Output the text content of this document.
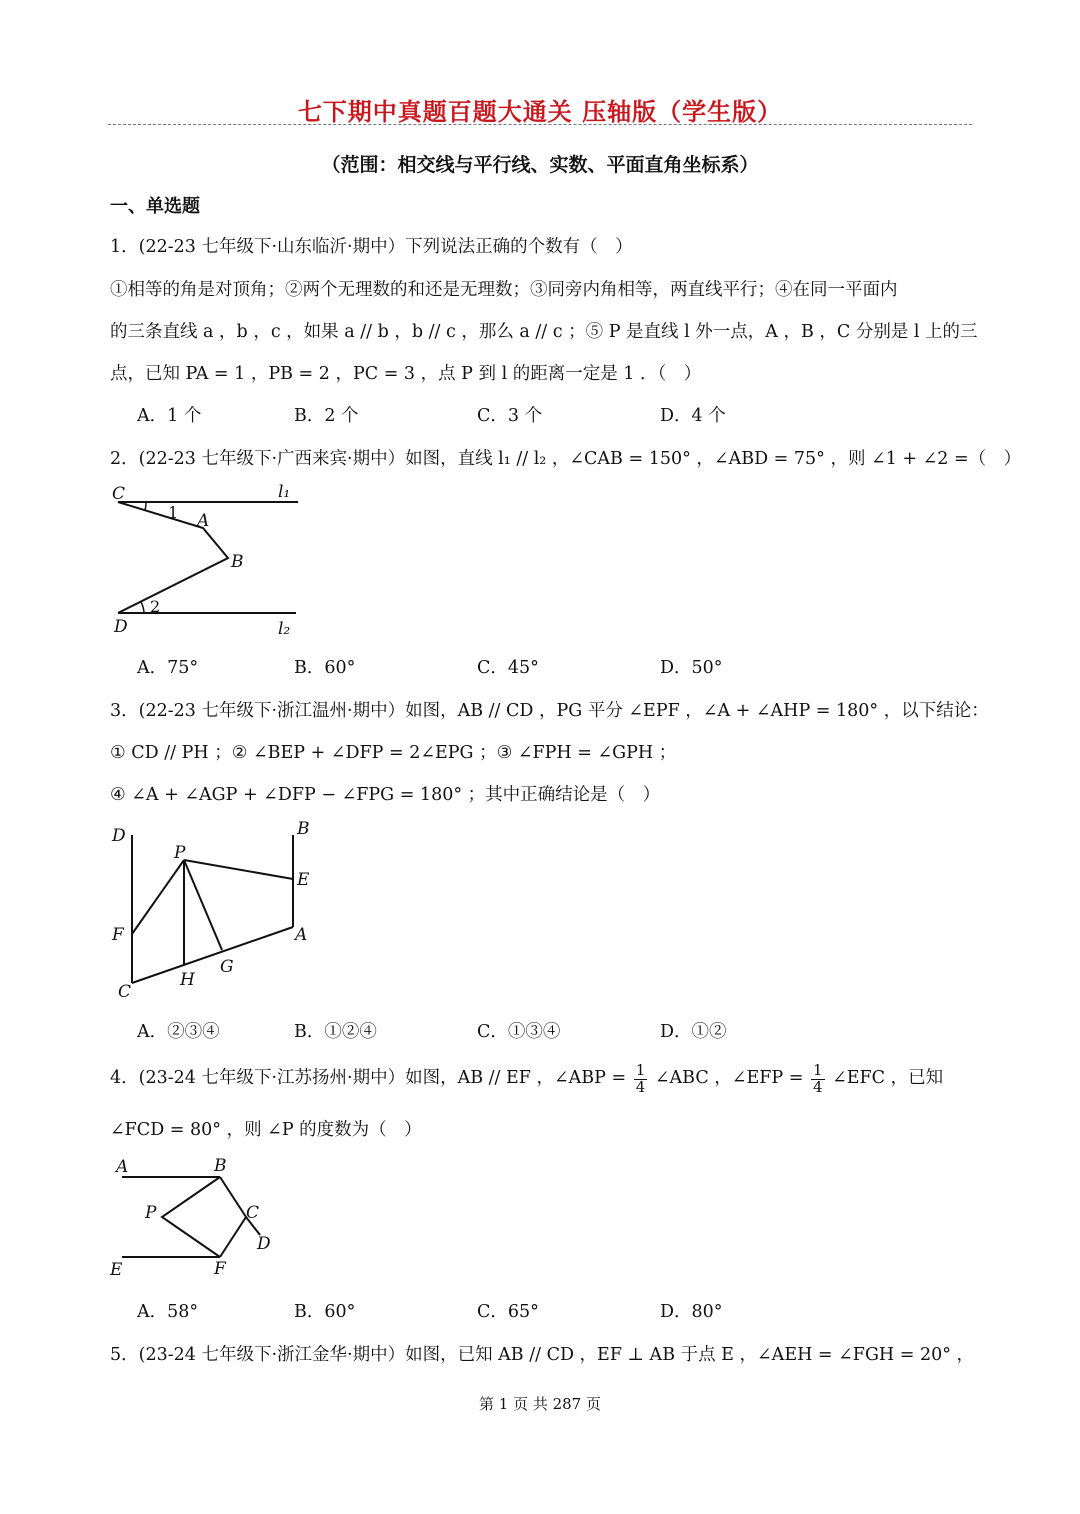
七下期中真题百题大通关 压轴版（学生版）
（范围：相交线与平行线、实数、平面直角坐标系）
一、单选题
1．(22-23 七年级下·山东临沂·期中）下列说法正确的个数有（　）
①相等的角是对顶角；②两个无理数的和还是无理数；③同旁内角相等，两直线平行；④在同一平面内
的三条直线 a ，b ，c ，如果 a // b ，b // c ，那么 a // c ；⑤ P 是直线 l 外一点，A ，B ，C 分别是 l 上的三
点，已知 PA = 1 ，PB = 2 ，PC = 3 ，点 P 到 l 的距离一定是 1 ．（　）
A．1 个	B．2 个	C．3 个	D．4 个
2．(22-23 七年级下·广西来宾·期中）如图，直线 l₁ // l₂ ，∠CAB = 150° ，∠ABD = 75° ，则 ∠1 + ∠2 =（　）
C	l₁
1 A
B
2
D	l₂
A．75°	B．60°	C．45°	D．50°
3．(22-23 七年级下·浙江温州·期中）如图，AB // CD ，PG 平分 ∠EPF ，∠A + ∠AHP = 180° ，以下结论：
① CD // PH ；② ∠BEP + ∠DFP = 2∠EPG ；③ ∠FPH = ∠GPH ；
④ ∠A + ∠AGP + ∠DFP − ∠FPG = 180° ；其中正确结论是（　）
D
P
B
E
F	A
G
H
C
A．②③④	B．①②④	C．①③④	D．①②
4．(23-24 七年级下·江苏扬州·期中）如图，AB // EF ，∠ABP = $\frac{1}{4}$ ∠ABC ，∠EFP = $\frac{1}{4}$ ∠EFC ，已知
∠FCD = 80° ，则 ∠P 的度数为（　）
A	B
P	C
D
E	F
A．58°	B．60°	C．65°	D．80°
5．(23-24 七年级下·浙江金华·期中）如图，已知 AB // CD ，EF ⊥ AB 于点 E ，∠AEH = ∠FGH = 20° ，
第 1 页 共 287 页
